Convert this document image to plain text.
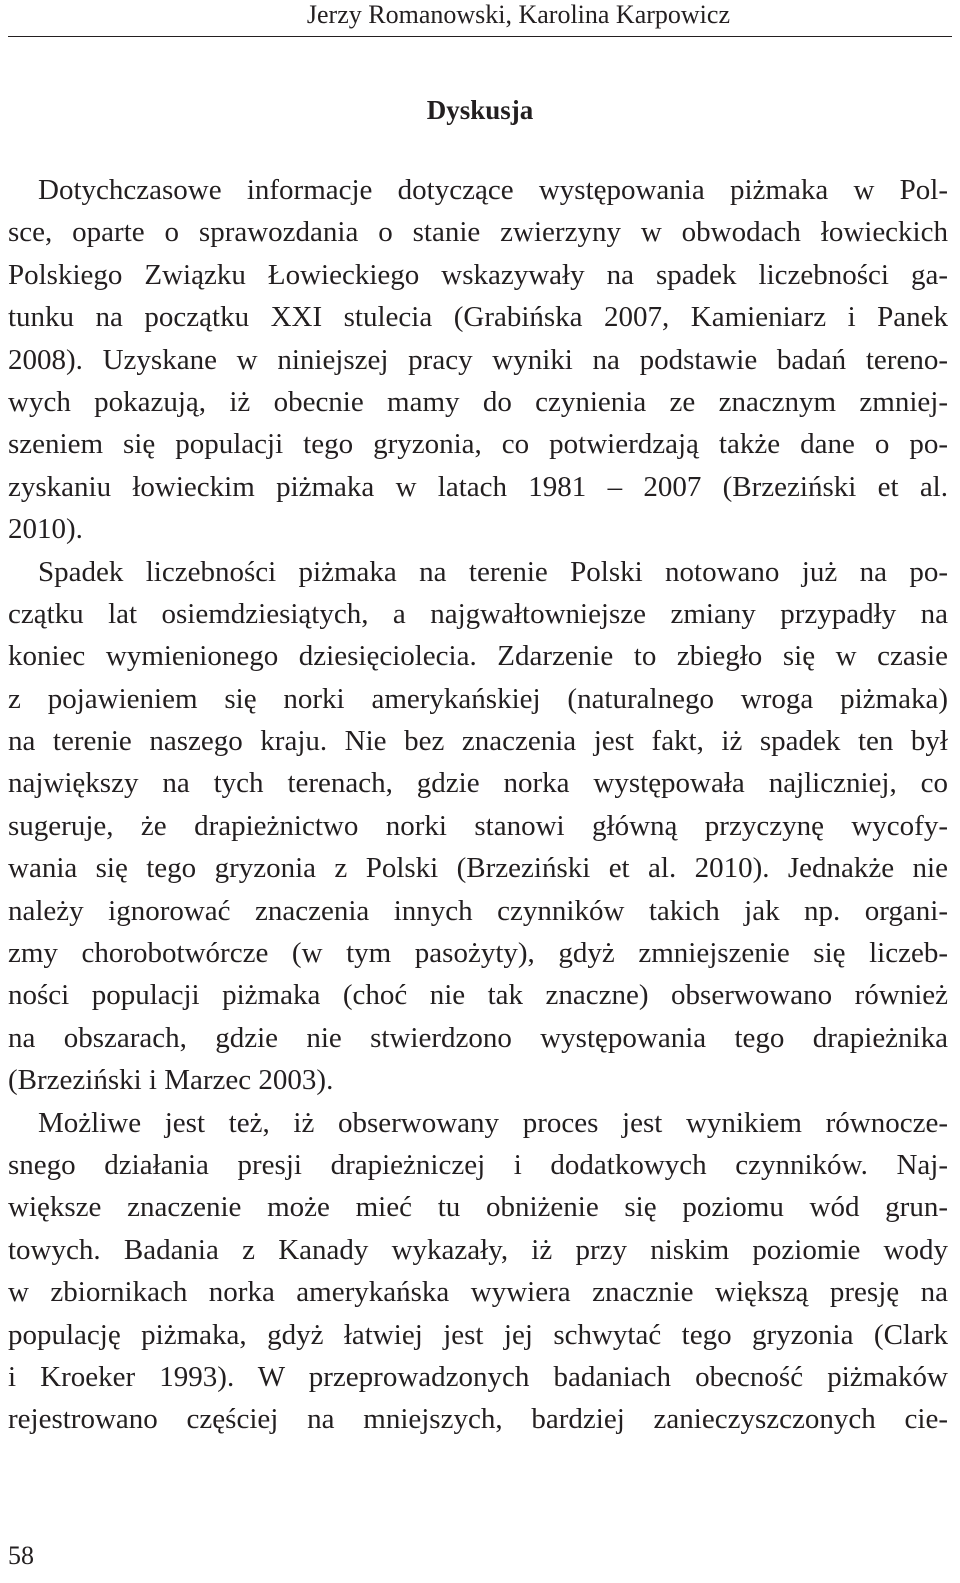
Jerzy Romanowski, Karolina Karpowicz
Dyskusja

Dotychczasowe informacje dotyczące występowania piżmaka w Pol-
sce, oparte o sprawozdania o stanie zwierzyny w obwodach łowieckich
Polskiego Związku Łowieckiego wskazywały na spadek liczebności ga-
tunku na początku XXI stulecia (Grabińska 2007, Kamieniarz i Panek
2008). Uzyskane w niniejszej pracy wyniki na podstawie badań tereno-
wych pokazują, iż obecnie mamy do czynienia ze znacznym zmniej-
szeniem się populacji tego gryzonia, co potwierdzają także dane o po-
zyskaniu łowieckim piżmaka w latach 1981 – 2007 (Brzeziński et al.
2010).

Spadek liczebności piżmaka na terenie Polski notowano już na po-
czątku lat osiemdziesiątych, a najgwałtowniejsze zmiany przypadły na
koniec wymienionego dziesięciolecia. Zdarzenie to zbiegło się w czasie
z pojawieniem się norki amerykańskiej (naturalnego wroga piżmaka)
na terenie naszego kraju. Nie bez znaczenia jest fakt, iż spadek ten był
największy na tych terenach, gdzie norka występowała najliczniej, co
sugeruje, że drapieżnictwo norki stanowi główną przyczynę wycofy-
wania się tego gryzonia z Polski (Brzeziński et al. 2010). Jednakże nie
należy ignorować znaczenia innych czynników takich jak np. organi-
zmy chorobotwórcze (w tym pasożyty), gdyż zmniejszenie się liczeb-
ności populacji piżmaka (choć nie tak znaczne) obserwowano również
na obszarach, gdzie nie stwierdzono występowania tego drapieżnika
(Brzeziński i Marzec 2003).

Możliwe jest też, iż obserwowany proces jest wynikiem równocze-
snego działania presji drapieżniczej i dodatkowych czynników. Naj-
większe znaczenie może mieć tu obniżenie się poziomu wód grun-
towych. Badania z Kanady wykazały, iż przy niskim poziomie wody
w zbiornikach norka amerykańska wywiera znacznie większą presję na
populację piżmaka, gdyż łatwiej jest jej schwytać tego gryzonia (Clark
i Kroeker 1993). W przeprowadzonych badaniach obecność piżmaków
rejestrowano częściej na mniejszych, bardziej zanieczyszczonych cie-

58
